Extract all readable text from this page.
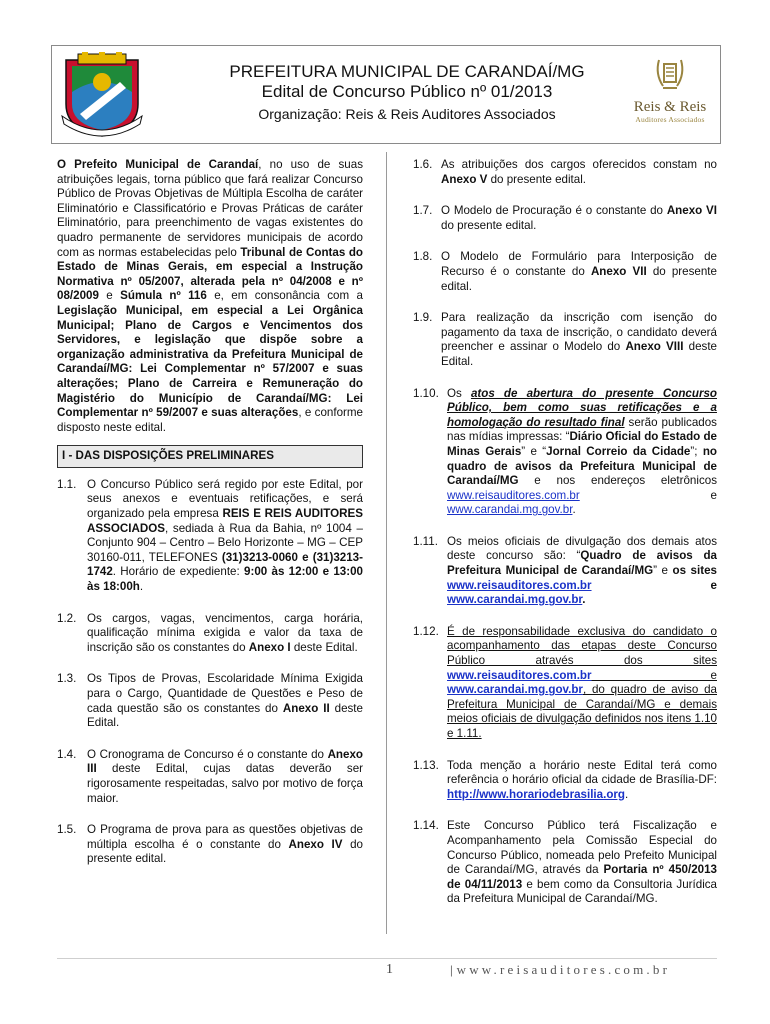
PREFEITURA MUNICIPAL DE CARANDAÍ/MG
Edital de Concurso Público nº 01/2013
Organização: Reis & Reis Auditores Associados	Reis & Reis
Auditores Associados

O Prefeito Municipal de Carandaí, no uso de suas atribuições legais, torna público que fará realizar Concurso Público de Provas Objetivas de Múltipla Escolha de caráter Eliminatório e Classificatório e Provas Práticas de caráter Eliminatório, para preenchimento de vagas existentes do quadro permanente de servidores municipais de acordo com as normas estabelecidas pelo Tribunal de Contas do Estado de Minas Gerais, em especial a Instrução Normativa nº 05/2007, alterada pela nº 04/2008 e nº 08/2009 e Súmula nº 116 e, em consonância com a Legislação Municipal, em especial a Lei Orgânica Municipal; Plano de Cargos e Vencimentos dos Servidores, e legislação que dispõe sobre a organização administrativa da Prefeitura Municipal de Carandaí/MG: Lei Complementar nº 57/2007 e suas alterações; Plano de Carreira e Remuneração do Magistério do Município de Carandaí/MG: Lei Complementar nº 59/2007 e suas alterações, e conforme disposto neste edital.

I - DAS DISPOSIÇÕES PRELIMINARES
1.1. O Concurso Público será regido por este Edital, por seus anexos e eventuais retificações, e será organizado pela empresa REIS E REIS AUDITORES ASSOCIADOS, sediada à Rua da Bahia, nº 1004 – Conjunto 904 – Centro – Belo Horizonte – MG – CEP 30160-011, TELEFONES (31)3213-0060 e (31)3213-1742. Horário de expediente: 9:00 às 12:00 e 13:00 às 18:00h.
1.2. Os cargos, vagas, vencimentos, carga horária, qualificação mínima exigida e valor da taxa de inscrição são os constantes do Anexo I deste Edital.
1.3. Os Tipos de Provas, Escolaridade Mínima Exigida para o Cargo, Quantidade de Questões e Peso de cada questão são os constantes do Anexo II deste Edital.
1.4. O Cronograma de Concurso é o constante do Anexo III deste Edital, cujas datas deverão ser rigorosamente respeitadas, salvo por motivo de força maior.
1.5. O Programa de prova para as questões objetivas de múltipla escolha é o constante do Anexo IV do presente edital.
1.6. As atribuições dos cargos oferecidos constam no Anexo V do presente edital.
1.7. O Modelo de Procuração é o constante do Anexo VI do presente edital.
1.8. O Modelo de Formulário para Interposição de Recurso é o constante do Anexo VII do presente edital.
1.9. Para realização da inscrição com isenção do pagamento da taxa de inscrição, o candidato deverá preencher e assinar o Modelo do Anexo VIII deste Edital.
1.10. Os atos de abertura do presente Concurso Público, bem como suas retificações e a homologação do resultado final serão publicados nas mídias impressas: “Diário Oficial do Estado de Minas Gerais” e “Jornal Correio da Cidade”; no quadro de avisos da Prefeitura Municipal de Carandaí/MG e nos endereços eletrônicos www.reisauditores.com.br e www.carandai.mg.gov.br.
1.11. Os meios oficiais de divulgação dos demais atos deste concurso são: “Quadro de avisos da Prefeitura Municipal de Carandaí/MG” e os sites www.reisauditores.com.br e www.carandai.mg.gov.br.
1.12. É de responsabilidade exclusiva do candidato o acompanhamento das etapas deste Concurso Público através dos sites www.reisauditores.com.br e www.carandai.mg.gov.br, do quadro de aviso da Prefeitura Municipal de Carandaí/MG e demais meios oficiais de divulgação definidos nos itens 1.10 e 1.11.
1.13. Toda menção a horário neste Edital terá como referência o horário oficial da cidade de Brasília-DF: http://www.horariodebrasilia.org.
1.14. Este Concurso Público terá Fiscalização e Acompanhamento pela Comissão Especial do Concurso Público, nomeada pelo Prefeito Municipal de Carandaí/MG, através da Portaria nº 450/2013 de 04/11/2013 e bem como da Consultoria Jurídica da Prefeitura Municipal de Carandaí/MG.
1	| www.reisauditores.com.br
